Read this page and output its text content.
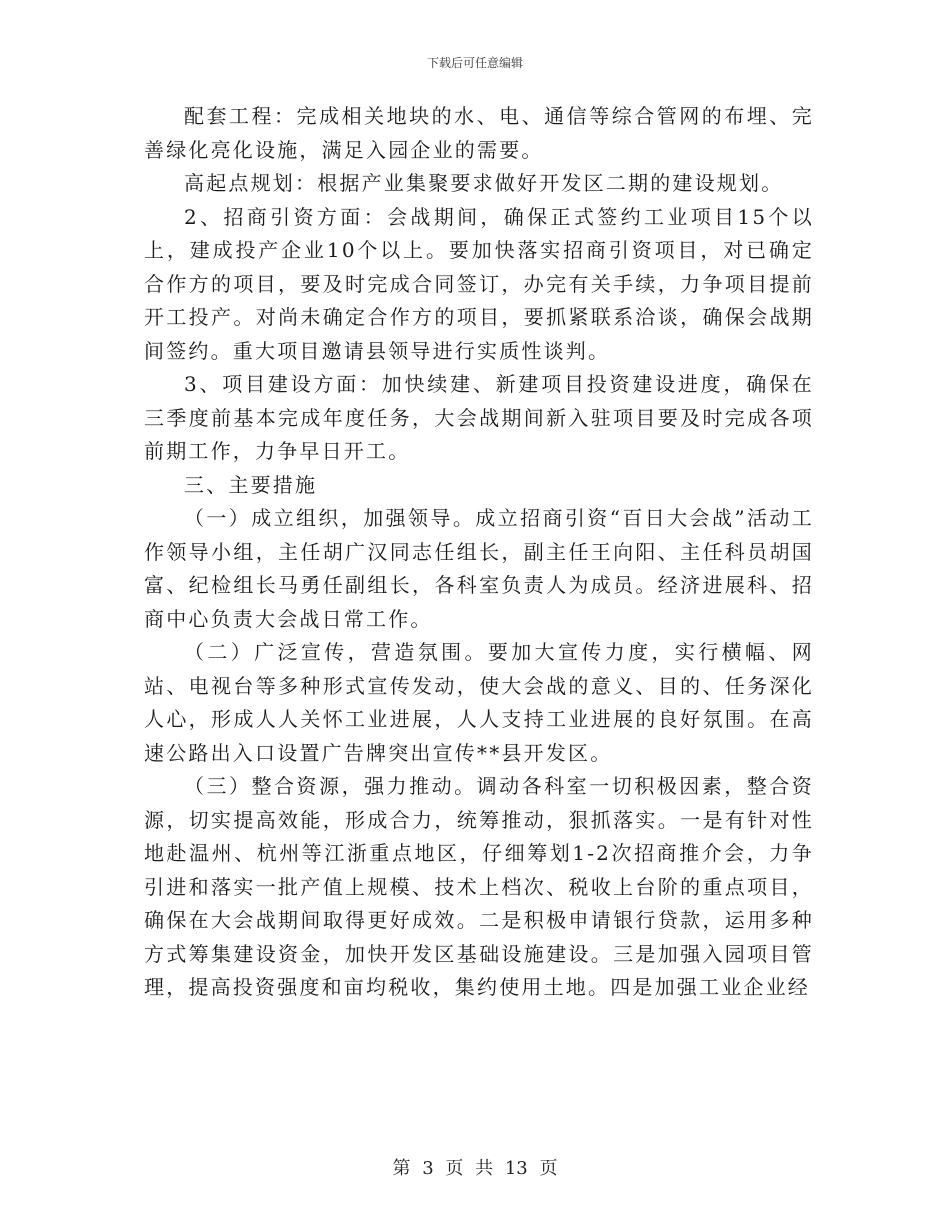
下载后可任意编辑

配套工程：完成相关地块的水、电、通信等综合管网的布埋、完善绿化亮化设施，满足入园企业的需要。

高起点规划：根据产业集聚要求做好开发区二期的建设规划。

2、招商引资方面：会战期间，确保正式签约工业项目15个以上，建成投产企业10个以上。要加快落实招商引资项目，对已确定合作方的项目，要及时完成合同签订，办完有关手续，力争项目提前开工投产。对尚未确定合作方的项目，要抓紧联系洽谈，确保会战期间签约。重大项目邀请县领导进行实质性谈判。

3、项目建设方面：加快续建、新建项目投资建设进度，确保在三季度前基本完成年度任务，大会战期间新入驻项目要及时完成各项前期工作，力争早日开工。

三、主要措施

（一）成立组织，加强领导。成立招商引资“百日大会战”活动工作领导小组，主任胡广汉同志任组长，副主任王向阳、主任科员胡国富、纪检组长马勇任副组长，各科室负责人为成员。经济进展科、招商中心负责大会战日常工作。

（二）广泛宣传，营造氛围。要加大宣传力度，实行横幅、网站、电视台等多种形式宣传发动，使大会战的意义、目的、任务深化人心，形成人人关怀工业进展，人人支持工业进展的良好氛围。在高速公路出入口设置广告牌突出宣传**县开发区。

（三）整合资源，强力推动。调动各科室一切积极因素，整合资源，切实提高效能，形成合力，统筹推动，狠抓落实。一是有针对性地赴温州、杭州等江浙重点地区，仔细筹划1-2次招商推介会，力争引进和落实一批产值上规模、技术上档次、税收上台阶的重点项目，确保在大会战期间取得更好成效。二是积极申请银行贷款，运用多种方式筹集建设资金，加快开发区基础设施建设。三是加强入园项目管理，提高投资强度和亩均税收，集约使用土地。四是加强工业企业经

第 3 页 共 13 页
